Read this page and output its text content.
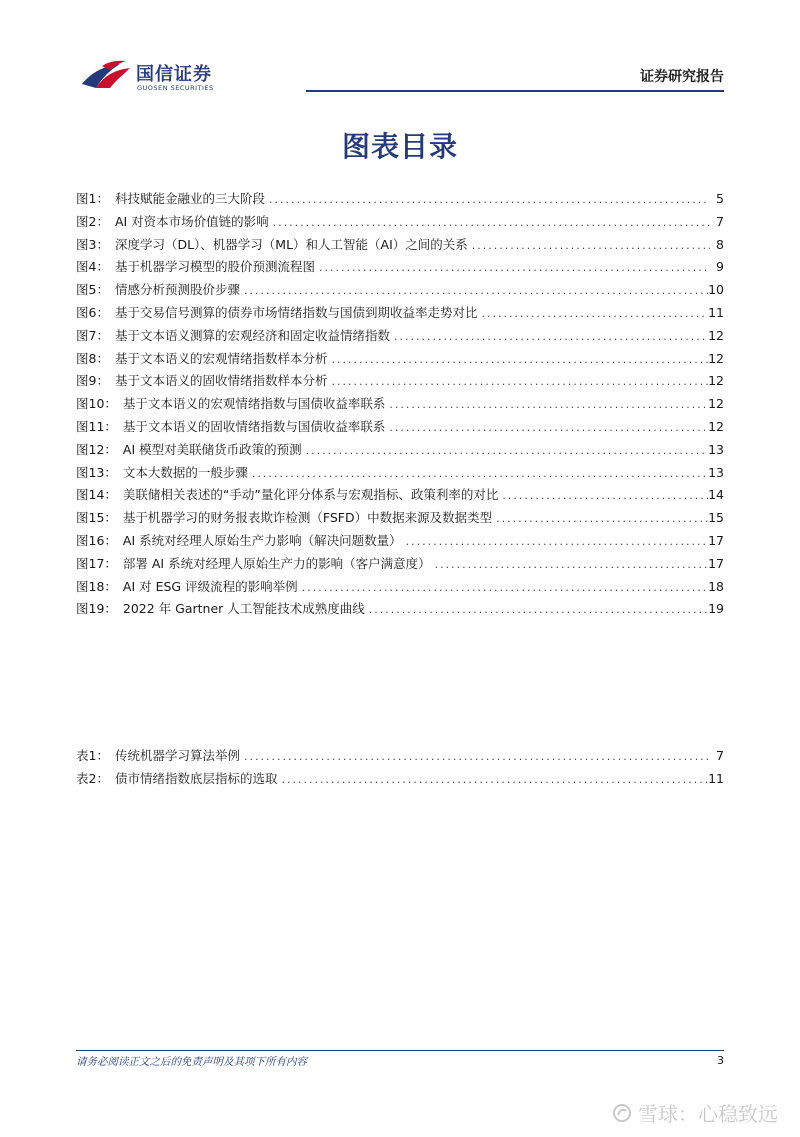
国信证券
GUOSEN SECURITIES
证券研究报告
图表目录
图1： 科技赋能金融业的三大阶段 .....	5
图2： AI 对资本市场价值链的影响 .....	7
图3： 深度学习（DL）、机器学习（ML）和人工智能（AI）之间的关系 .....	8
图4： 基于机器学习模型的股价预测流程图 .....	9
图5： 情感分析预测股价步骤 .....	10
图6： 基于交易信号测算的债券市场情绪指数与国债到期收益率走势对比 .....	11
图7： 基于文本语义测算的宏观经济和固定收益情绪指数 .....	12
图8： 基于文本语义的宏观情绪指数样本分析 .....	12
图9： 基于文本语义的固收情绪指数样本分析 .....	12
图10： 基于文本语义的宏观情绪指数与国债收益率联系 .....	12
图11： 基于文本语义的固收情绪指数与国债收益率联系 .....	12
图12： AI 模型对美联储货币政策的预测 .....	13
图13： 文本大数据的一般步骤 .....	13
图14： 美联储相关表述的“手动”量化评分体系与宏观指标、政策利率的对比 .....	14
图15： 基于机器学习的财务报表欺诈检测（FSFD）中数据来源及数据类型 .....	15
图16： AI 系统对经理人原始生产力影响（解决问题数量） .....	17
图17： 部署 AI 系统对经理人原始生产力的影响（客户满意度） .....	17
图18： AI 对 ESG 评级流程的影响举例 .....	18
图19： 2022 年 Gartner 人工智能技术成熟度曲线 .....	19
表1： 传统机器学习算法举例 .....	7
表2： 债市情绪指数底层指标的选取 .....	11
请务必阅读正文之后的免责声明及其项下所有内容	3
雪球：心稳致远
